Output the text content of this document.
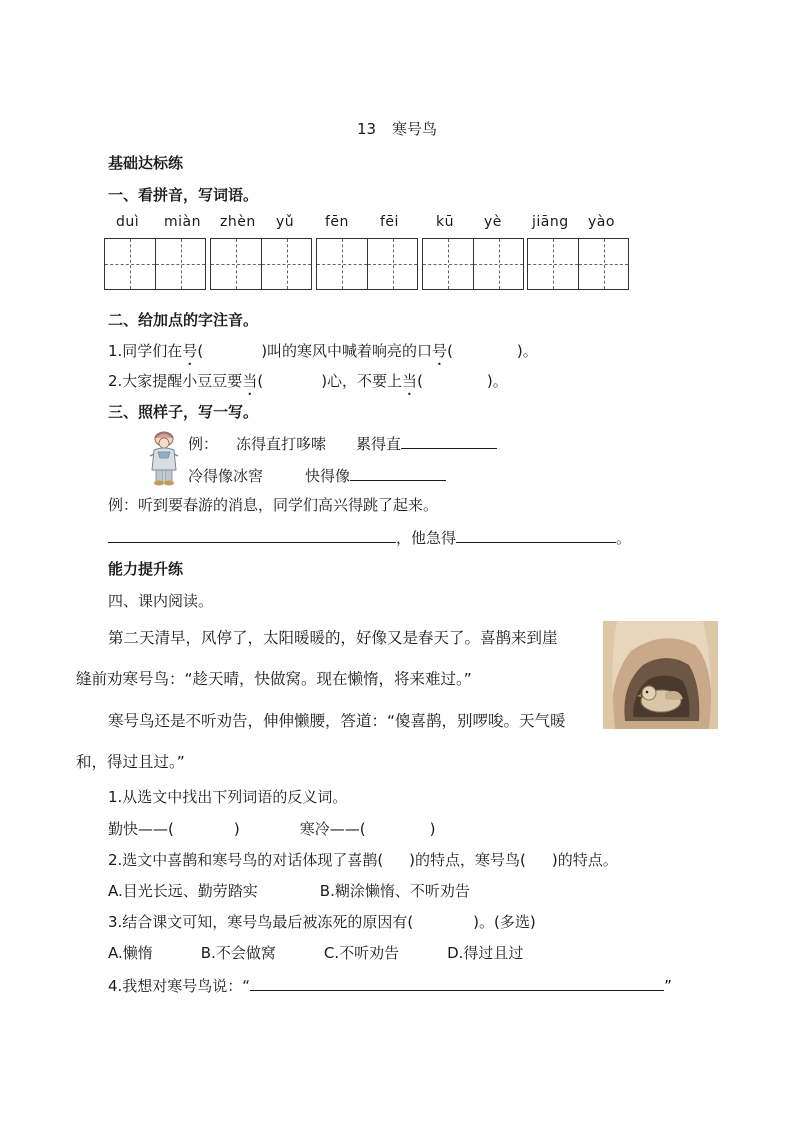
13 寒号鸟
基础达标练
一、看拼音，写词语。
duì miàn zhèn yǔ fēn fēi	kū yè jiāng yào
二、给加点的字注音。
1.同学们在号(	)叫的寒风中喊着响亮的口号(	)。
2.大家提醒小豆豆要当(	)心，不要上当(	)。
三、照样子，写一写。
例： 冻得直打哆嗦 累得直
冷得像冰窖	快得像
例：听到要春游的消息，同学们高兴得跳了起来。
，他急得	。
能力提升练
四、课内阅读。
第二天清早，风停了，太阳暖暖的，好像又是春天了。喜鹊来到崖
缝前劝寒号鸟：“趁天晴，快做窝。现在懒惰，将来难过。”
寒号鸟还是不听劝告，伸伸懒腰，答道：“傻喜鹊，别啰唆。天气暖
和，得过且过。”
1.从选文中找出下列词语的反义词。
勤快——(	)	寒冷——(	)
2.选文中喜鹊和寒号鸟的对话体现了喜鹊( )的特点，寒号鸟( )的特点。
A.目光长远、勤劳踏实	B.糊涂懒惰、不听劝告
3.结合课文可知，寒号鸟最后被冻死的原因有(	)。(多选)
A.懒惰	B.不会做窝	C.不听劝告	D.得过且过
4.我想对寒号鸟说：“	”
